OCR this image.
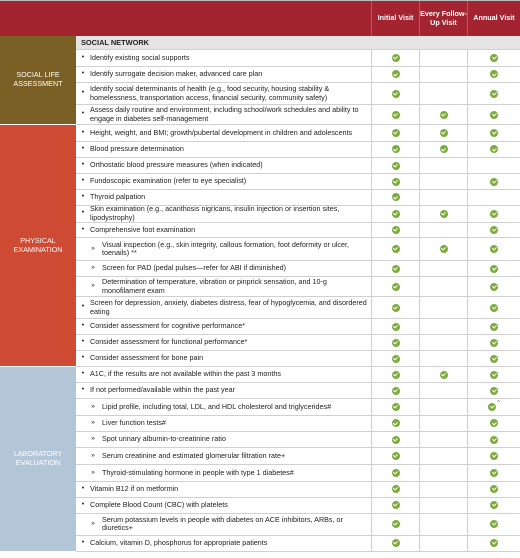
Initial Visit Every Follow-Up Visit	Annual Visit
SOCIAL LIFE ASSESSMENT
PHYSICAL EXAMINATION
LABORATORY EVALUATION
SOCIAL NETWORK
• Identify existing social supports
• Identify surrogate decision maker, advanced care plan
• Identify social determinants of health (e.g., food security, housing stability & homelessness, transportation access, financial security, community safety)
• Assess daily routine and environment, including school/work schedules and ability to engage in diabetes self-management
• Height, weight, and BMI; growth/pubertal development in children and adolescents
• Blood pressure determination
• Orthostatic blood pressure measures (when indicated)
• Fundoscopic examination (refer to eye specialist)
• Thyroid palpation
• Skin examination (e.g., acanthosis nigricans, insulin injection or insertion sites, lipodystrophy)
• Comprehensive foot examination
» Visual inspection (e.g., skin integrity, callous formation, foot deformity or ulcer, toenails) **
» Screen for PAD (pedal pulses—refer for ABI if diminished)
» Determination of temperature, vibration or pinprick sensation, and 10-g monofilament exam
• Screen for depression, anxiety, diabetes distress, fear of hypoglycemia, and disordered eating
• Consider assessment for cognitive performance*
• Consider assessment for functional performance*
• Consider assessment for bone pain
• A1C, if the results are not available within the past 3 months
• If not performed/available within the past year
» Lipid profile, including total, LDL, and HDL cholesterol and triglycerides#	^
» Liver function tests#
» Spot urinary albumin-to-creatinine ratio
» Serum creatinine and estimated glomerular filtration rate+
» Thyroid-stimulating hormone in people with type 1 diabetes#
• Vitamin B12 if on metformin
• Complete Blood Count (CBC) with platelets
» Serum potassium levels in people with diabetes on ACE inhibitors, ARBs, or diuretics+
• Calcium, vitamin D, phosphorus for appropriate patients
